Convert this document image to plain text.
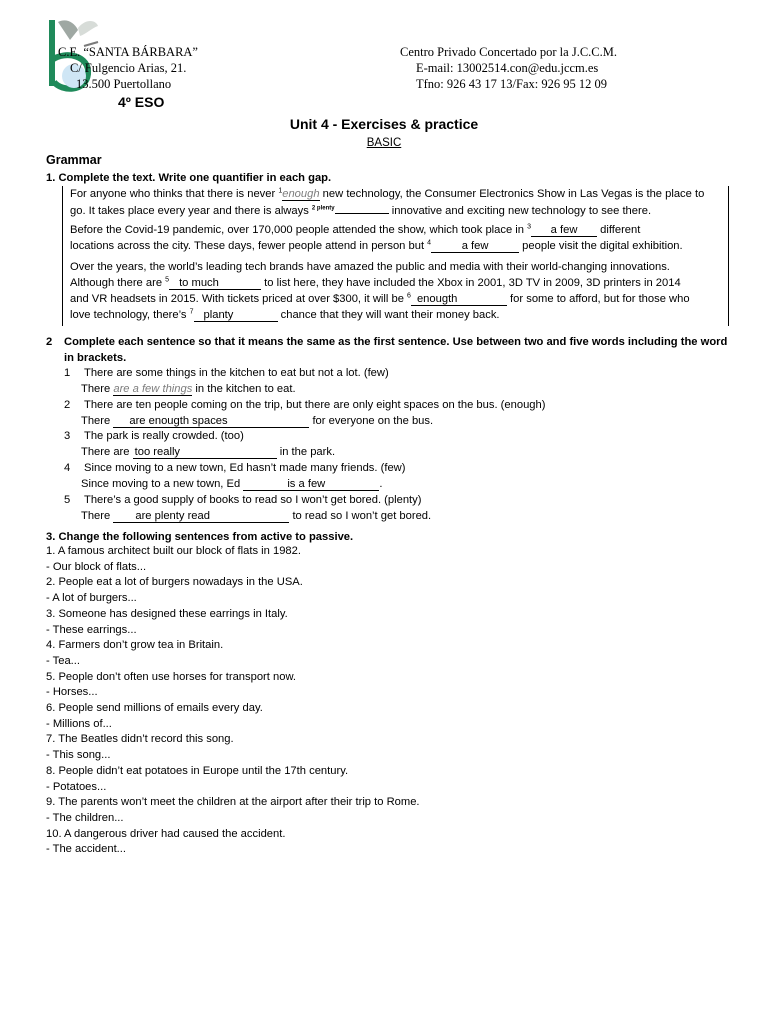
C.E. “SANTA BÁRBARA”
C/ Fulgencio Arias, 21.
13.500 Puertollano
Centro Privado Concertado por la J.C.C.M.
E-mail: 13002514.con@edu.jccm.es
Tfno: 926 43 17 13/Fax: 926 95 12 09
4º ESO
Unit 4 - Exercises & practice
BASIC
Grammar
1. Complete the text. Write one quantifier in each gap.
For anyone who thinks that there is never $^1$enough new technology, the Consumer Electronics Show in Las Vegas is the place to
go. It takes place every year and there is always $^{2 plenty}$	innovative and exciting new technology to see there.
Before the Covid-19 pandemic, over 170,000 people attended the show, which took place in $^3$ a few different
locations across the city. These days, fewer people attend in person but $^4$	a few	people visit the digital exhibition.
Over the years, the world’s leading tech brands have amazed the public and media with their world-changing innovations.
Although there are $^5$ to much	to list here, they have included the Xbox in 2001, 3D TV in 2009, 3D printers in 2014
and VR headsets in 2015. With tickets priced at over $300, it will be $^6$ enougth	for some to afford, but for those who
love technology, there’s $^7$ planty	chance that they will want their money back.
2 Complete each sentence so that it means the same as the first sentence. Use between two and five words including the word
in brackets.
1 There are some things in the kitchen to eat but not a lot. (few)
There are a few things in the kitchen to eat.
2 There are ten people coming on the trip, but there are only eight spaces on the bus. (enough)
There are enougth spaces	for everyone on the bus.
3 The park is really crowded. (too)
There are too really	in the park.
4 Since moving to a new town, Ed hasn’t made many friends. (few)
Since moving to a new town, Ed	is a few	.
5 There’s a good supply of books to read so I won’t get bored. (plenty)
There are plenty read	to read so I won’t get bored.
3. Change the following sentences from active to passive.
1. A famous architect built our block of flats in 1982.
- Our block of flats...
2. People eat a lot of burgers nowadays in the USA.
- A lot of burgers...
3. Someone has designed these earrings in Italy.
- These earrings...
4. Farmers don’t grow tea in Britain.
- Tea...
5. People don’t often use horses for transport now.
- Horses...
6. People send millions of emails every day.
- Millions of...
7. The Beatles didn’t record this song.
- This song...
8. People didn’t eat potatoes in Europe until the 17th century.
- Potatoes...
9. The parents won’t meet the children at the airport after their trip to Rome.
- The children...
10. A dangerous driver had caused the accident.
- The accident...
